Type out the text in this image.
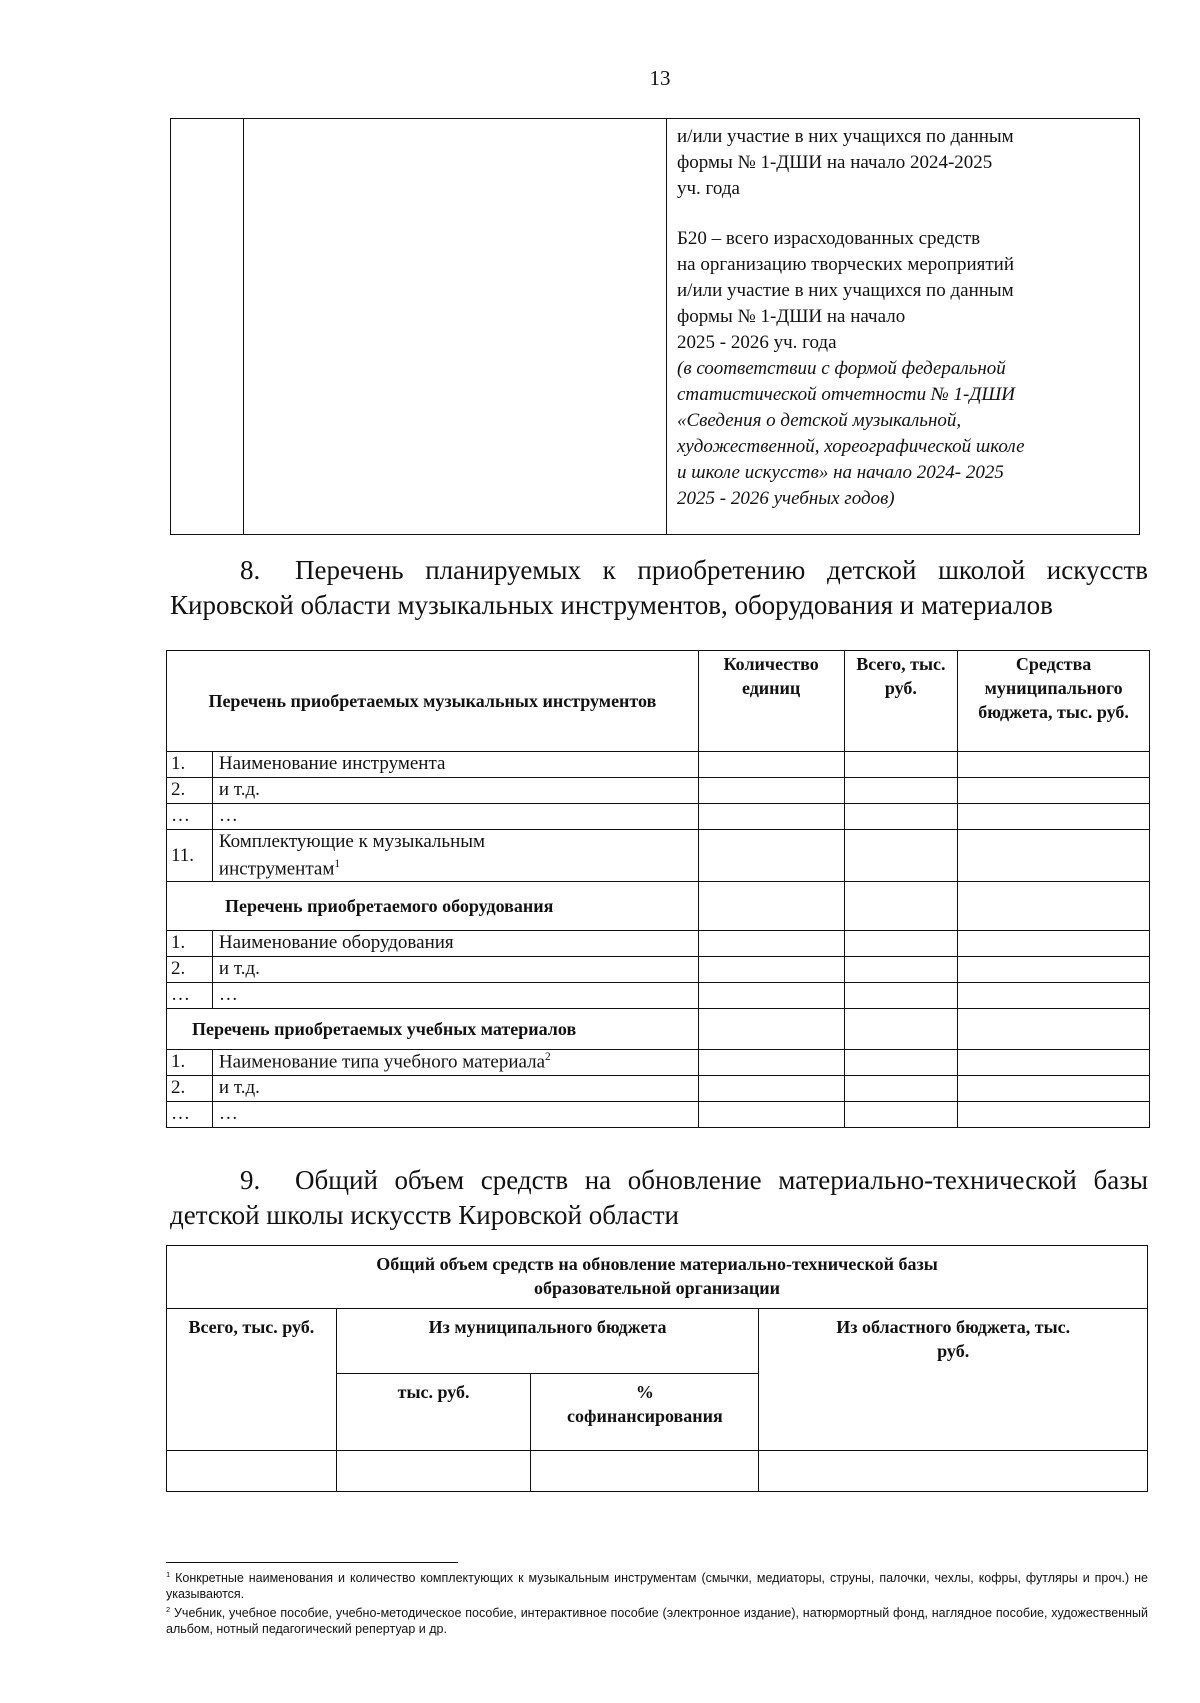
13

и/или участие в них учащихся по данным
формы № 1-ДШИ на начало 2024-2025
уч. года

Б20 – всего израсходованных средств
на организацию творческих мероприятий
и/или участие в них учащихся по данным
формы № 1-ДШИ на начало
2025 - 2026 уч. года
(в соответствии с формой федеральной
статистической отчетности № 1-ДШИ
«Сведения о детской музыкальной,
художественной, хореографической школе
и школе искусств» на начало 2024- 2025
2025 - 2026 учебных годов)
8. Перечень планируемых к приобретению детской школой искусств Кировской области музыкальных инструментов, оборудования и материалов
Перечень приобретаемых музыкальных инструментов		Количество единиц	Всего, тыс. руб.	Средства муниципального бюджета, тыс. руб.
1.	Наименование инструмента			
2.	и т.д.			
…	…			
11.	Комплектующие к музыкальным инструментам$^1$			
Перечень приобретаемого оборудования				
1.	Наименование оборудования			
2.	и т.д.			
…	…			
Перечень приобретаемых учебных материалов				
1.	Наименование типа учебного материала$^2$			
2.	и т.д.			
…	…			
9. Общий объем средств на обновление материально-технической базы детской школы искусств Кировской области
Общий объем средств на обновление материально-технической базы образовательной организации			
Всего, тыс. руб.	Из муниципального бюджета		Из областного бюджета, тыс. руб.
	тыс. руб.	% софинансирования	

$^1$ Конкретные наименования и количество комплектующих к музыкальным инструментам (смычки, медиаторы, струны, палочки, чехлы, кофры, футляры и проч.) не указываются.

$^2$ Учебник, учебное пособие, учебно-методическое пособие, интерактивное пособие (электронное издание), натюрмортный фонд, наглядное пособие, художественный альбом, нотный педагогический репертуар и др.
